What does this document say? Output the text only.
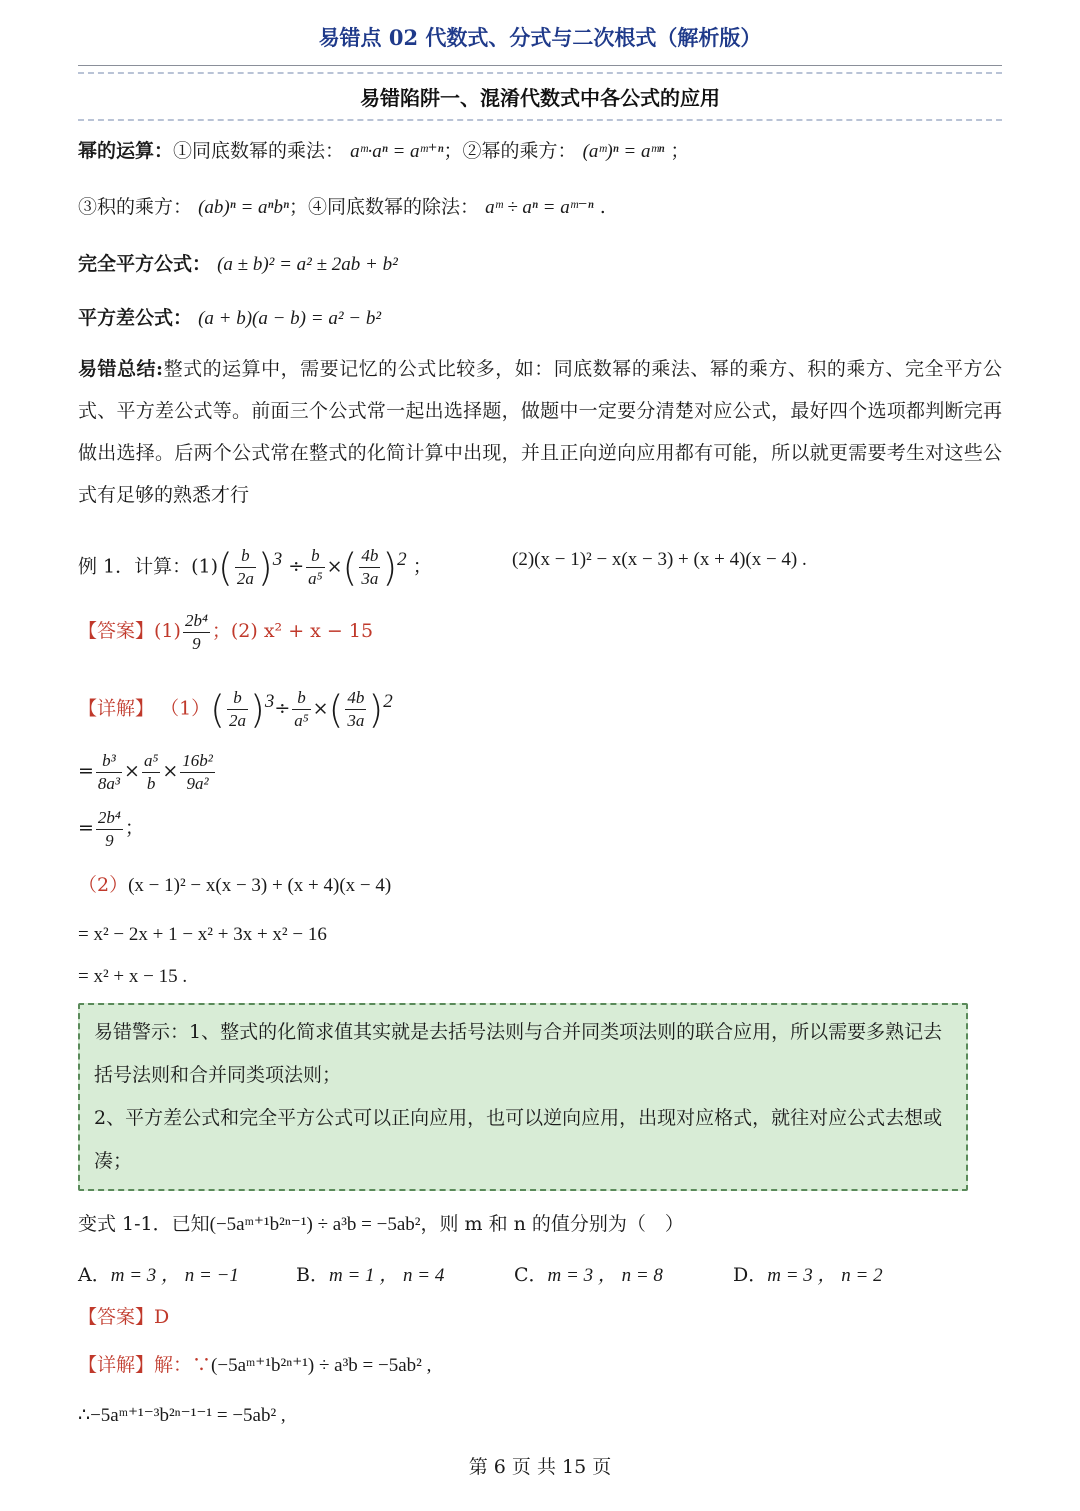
易错点 02 代数式、分式与二次根式（解析版）
易错陷阱一、混淆代数式中各公式的应用
幂的运算：①同底数幂的乘法： aᵐ·aⁿ = aᵐ⁺ⁿ；②幂的乘方： (aᵐ)ⁿ = aᵐⁿ ；
③积的乘方： (ab)ⁿ = aⁿbⁿ；④同底数幂的除法： aᵐ ÷ aⁿ = aᵐ⁻ⁿ .
完全平方公式： (a ± b)² = a² ± 2ab + b²
平方差公式： (a + b)(a − b) = a² − b²
易错总结:整式的运算中，需要记忆的公式比较多，如：同底数幂的乘法、幂的乘方、积的乘方、完全平方公式、平方差公式等。前面三个公式常一起出选择题，做题中一定要分清楚对应公式，最好四个选项都判断完再做出选择。后两个公式常在整式的化简计算中出现，并且正向逆向应用都有可能，所以就更需要考生对这些公式有足够的熟悉才行
例 1．计算：$(1)( \frac{b}{2a} )^3 \div \frac{b}{\text{a⁵}}$ ×( $\frac{4b}{3a} )^2$ ；	(2)(x − 1)² − x(x − 3) + (x + 4)(x − 4) .
【答案】$(1) \frac{\text{2b⁴}}{9}$ ；(2) x² + x − 15
【详解】 $(1)( \frac{b}{2a} )^3\div \frac{b}{\text{a⁵}}$ ×( $\frac{4b}{3a} )^2$
= $\frac{\text{b³}}{\text{8a³}} \times \frac{\text{a⁵}}{b} \times \frac{\text{16b²}}{\text{9a²}}$
= $\frac{\text{2b⁴}}{9}$ ；
（2）(x − 1)² − x(x − 3) + (x + 4)(x − 4)
= x² − 2x + 1 − x² + 3x + x² − 16
= x² + x − 15 .
易错警示：1、整式的化简求值其实就是去括号法则与合并同类项法则的联合应用，所以需要多熟记去括号法则和合并同类项法则；
2、平方差公式和完全平方公式可以正向应用，也可以逆向应用，出现对应格式，就往对应公式去想或凑；
变式 1-1．已知(−5aᵐ⁺¹b²ⁿ⁻¹) ÷ a³b = −5ab²，则 m 和 n 的值分别为（　）
A．m = 3 ， n = −1	B．m = 1 ， n = 4	C．m = 3 ， n = 8	D．m = 3 ， n = 2
【答案】D
【详解】解：∵(−5aᵐ⁺¹b²ⁿ⁺¹) ÷ a³b = −5ab² ,
∴−5aᵐ⁺¹⁻³b²ⁿ⁻¹⁻¹ = −5ab² ,
第 6 页 共 15 页
